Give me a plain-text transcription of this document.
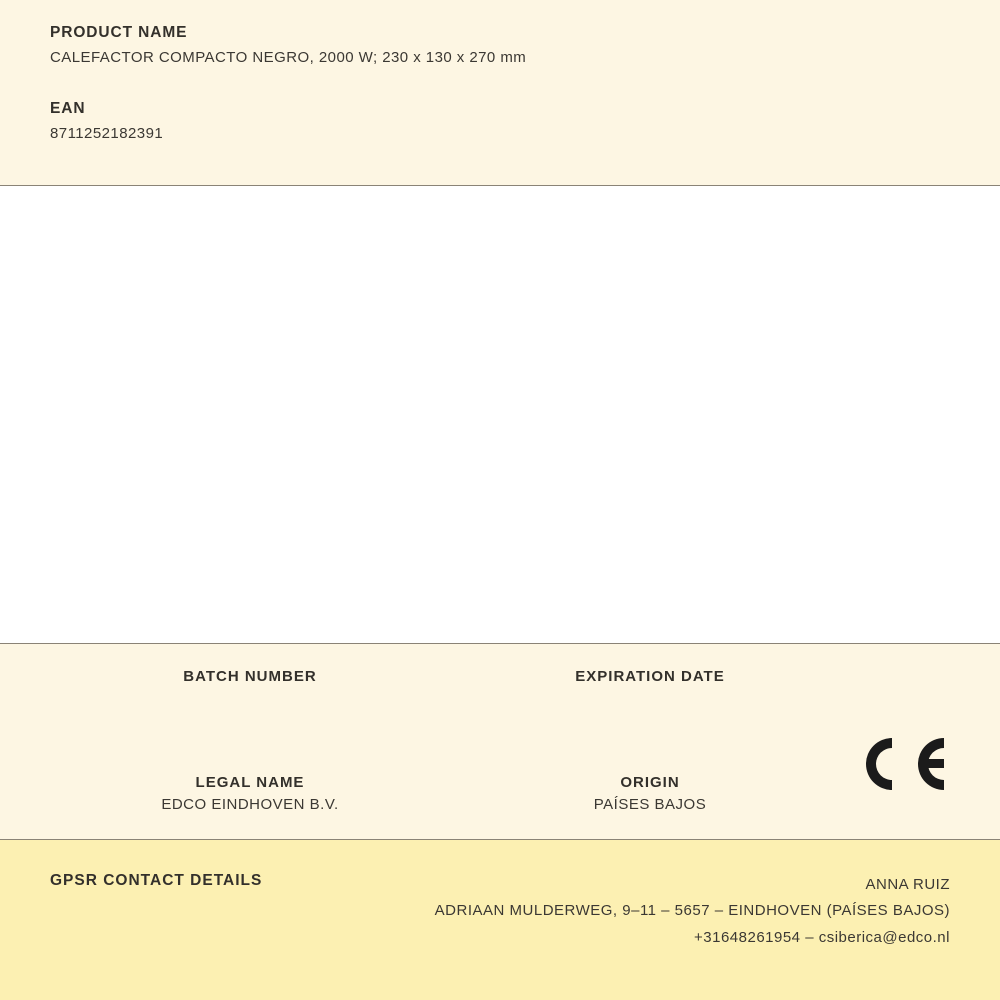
PRODUCT NAME
CALEFACTOR COMPACTO NEGRO, 2000 W; 230 x 130 x 270 mm
EAN
8711252182391
BATCH NUMBER	EXPIRATION DATE
LEGAL NAME
EDCO EINDHOVEN B.V.
ORIGIN
PAÍSES BAJOS
GPSR CONTACT DETAILS	ANNA RUIZ
ADRIAAN MULDERWEG, 9–11 – 5657 – EINDHOVEN (PAÍSES BAJOS)
+31648261954 – csiberica@edco.nl
